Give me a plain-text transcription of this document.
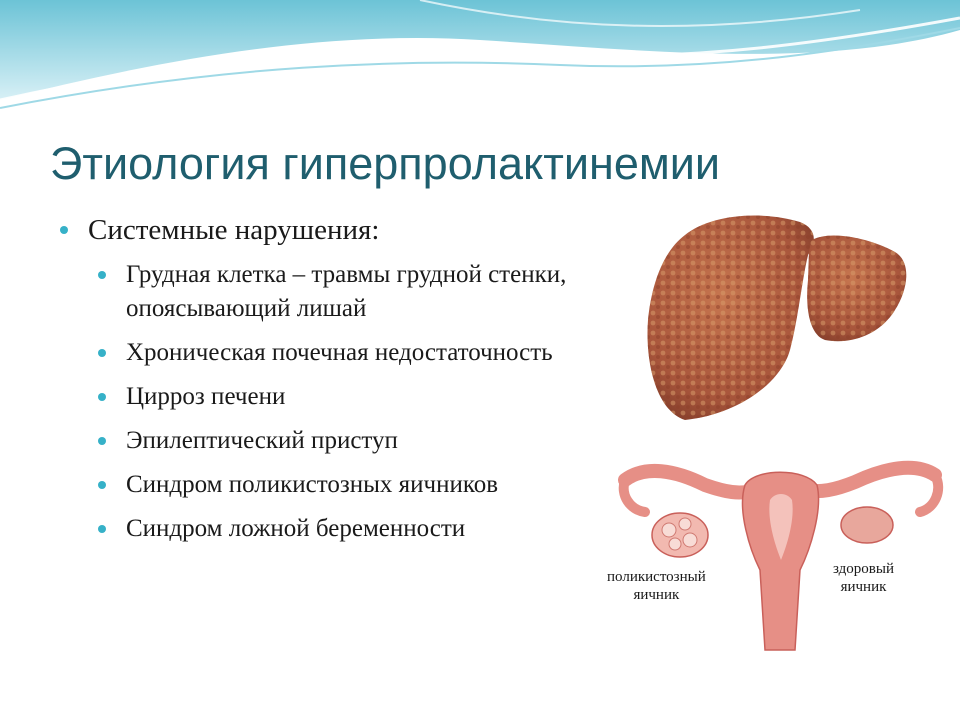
Этиология гиперпролактинемии
Системные нарушения:
Грудная клетка – травмы грудной стенки, опоясывающий лишай
Хроническая почечная недостаточность
Цирроз печени
Эпилептический приступ
Синдром поликистозных яичников
Синдром ложной беременности
поликистозный
яичник
здоровый
яичник
